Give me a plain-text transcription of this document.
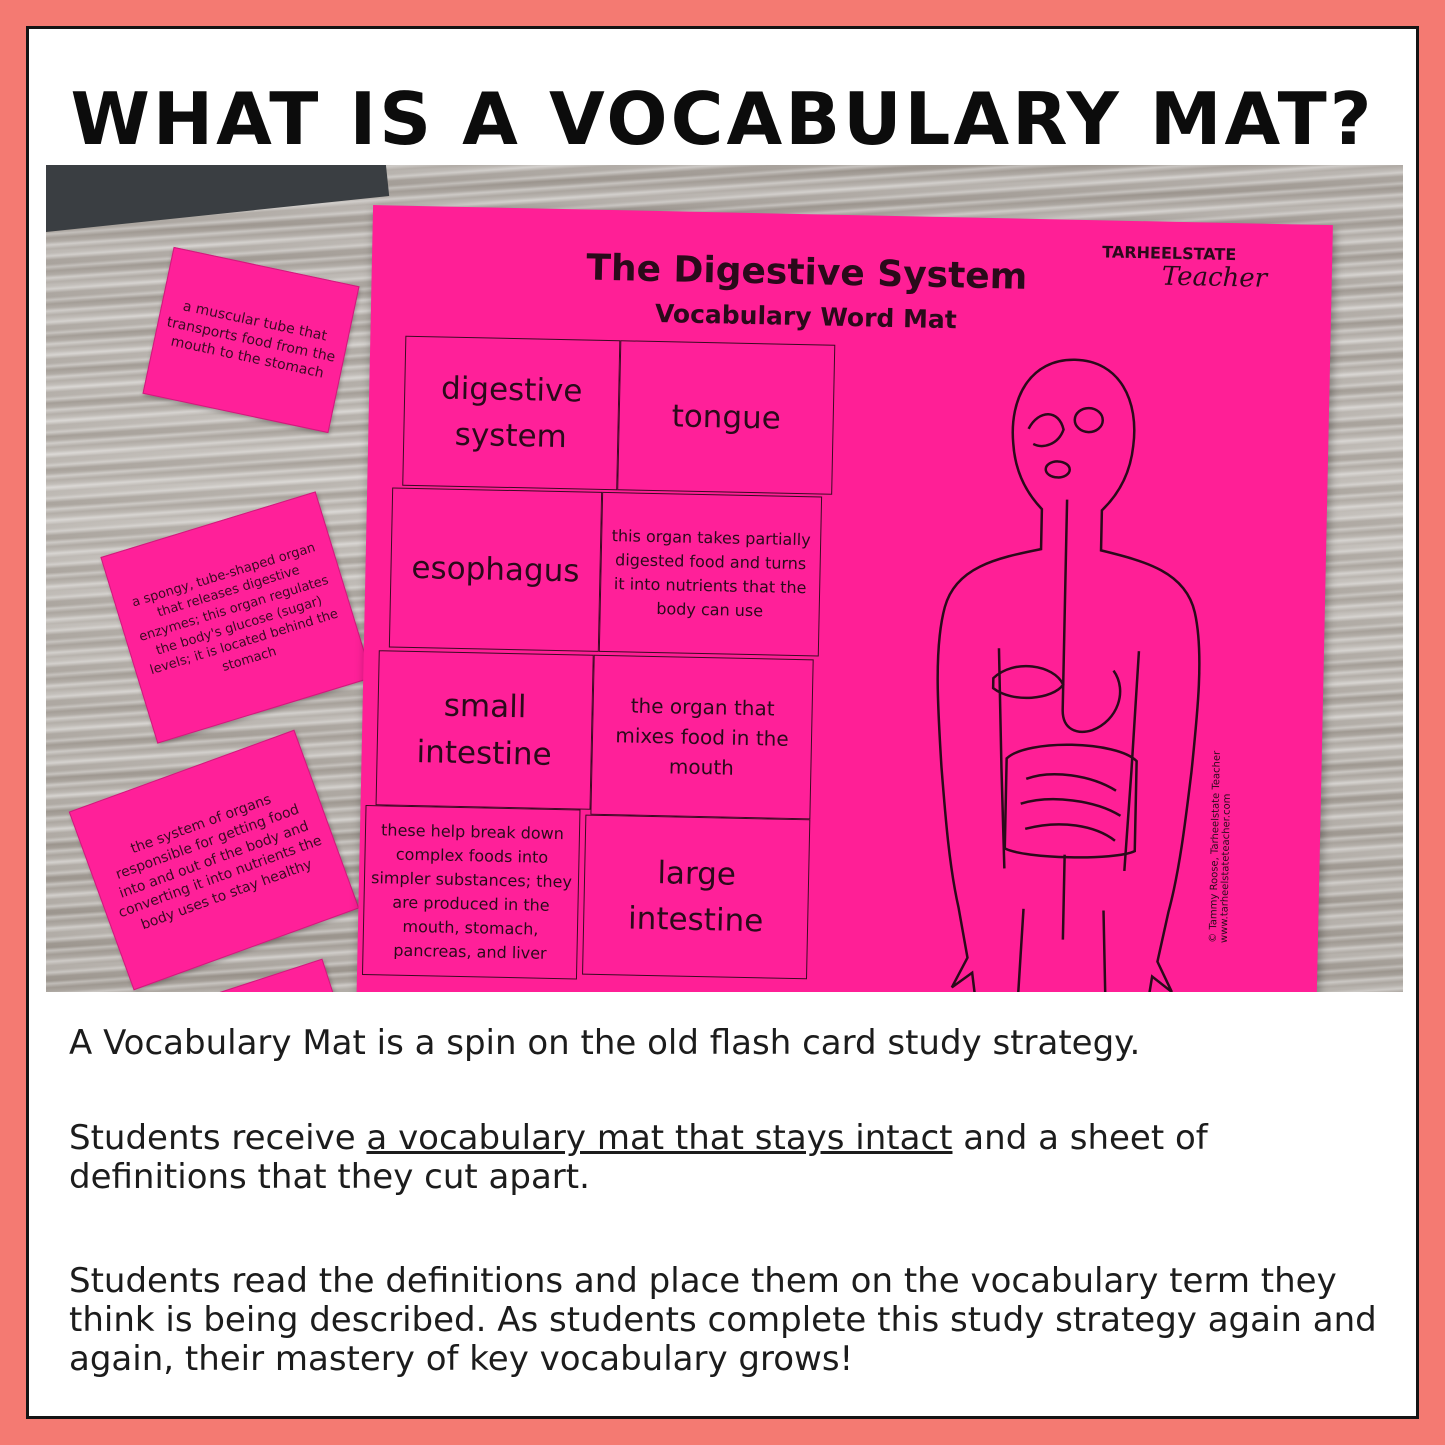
WHAT IS A VOCABULARY MAT?
a muscular tube that transports food from the mouth to the stomach
a spongy, tube-shaped organ that releases digestive enzymes; this organ regulates the body's glucose (sugar) levels; it is located behind the stomach
the system of organs responsible for getting food into and out of the body and converting it into nutrients the body uses to stay healthy
TARHEELSTATE
Teacher
The Digestive System
Vocabulary Word Mat
digestive system	tongue
esophagus
this organ takes partially digested food and turns it into nutrients that the body can use
small intestine
the organ that mixes food in the mouth
these help break down complex foods into simpler substances; they are produced in the mouth, stomach, pancreas, and liver
large intestine	© Tammy Roose, Tarheelstate Teacher www.tarheelstateteacher.com
A Vocabulary Mat is a spin on the old flash card study strategy.
Students receive a vocabulary mat that stays intact and a sheet of definitions that they cut apart.
Students read the definitions and place them on the vocabulary term they think is being described. As students complete this study strategy again and again, their mastery of key vocabulary grows!
